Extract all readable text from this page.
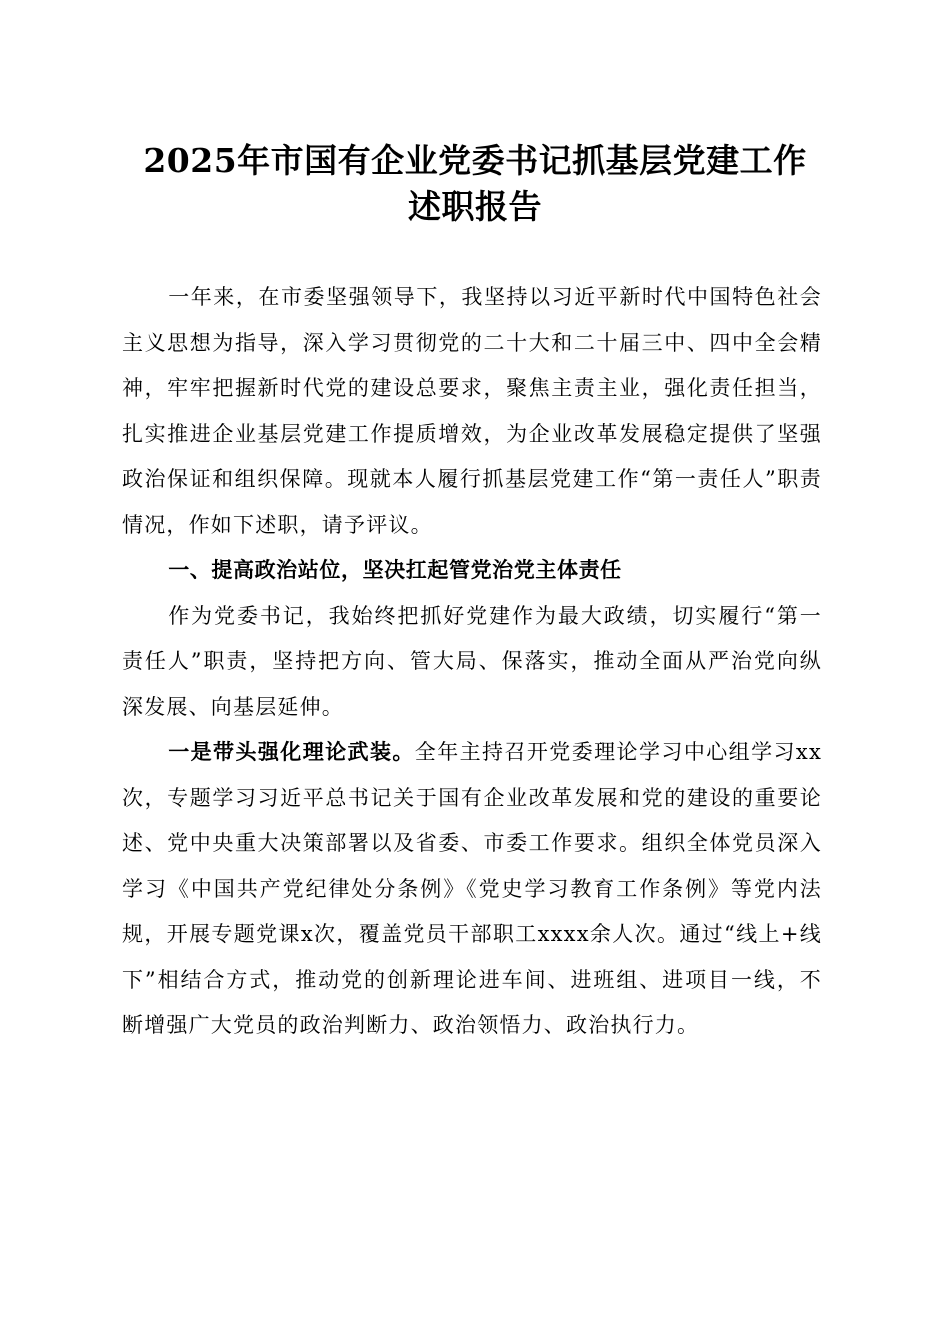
2025年市国有企业党委书记抓基层党建工作
述职报告

一年来，在市委坚强领导下，我坚持以习近平新时代中国特色社会主义思想为指导，深入学习贯彻党的二十大和二十届三中、四中全会精神，牢牢把握新时代党的建设总要求，聚焦主责主业，强化责任担当，扎实推进企业基层党建工作提质增效，为企业改革发展稳定提供了坚强政治保证和组织保障。现就本人履行抓基层党建工作“第一责任人”职责情况，作如下述职，请予评议。

一、提高政治站位，坚决扛起管党治党主体责任

作为党委书记，我始终把抓好党建作为最大政绩，切实履行“第一责任人”职责，坚持把方向、管大局、保落实，推动全面从严治党向纵深发展、向基层延伸。

一是带头强化理论武装。全年主持召开党委理论学习中心组学习xx次，专题学习习近平总书记关于国有企业改革发展和党的建设的重要论述、党中央重大决策部署以及省委、市委工作要求。组织全体党员深入学习《中国共产党纪律处分条例》《党史学习教育工作条例》等党内法规，开展专题党课x次，覆盖党员干部职工xxxx余人次。通过“线上+线下”相结合方式，推动党的创新理论进车间、进班组、进项目一线，不断增强广大党员的政治判断力、政治领悟力、政治执行力。
